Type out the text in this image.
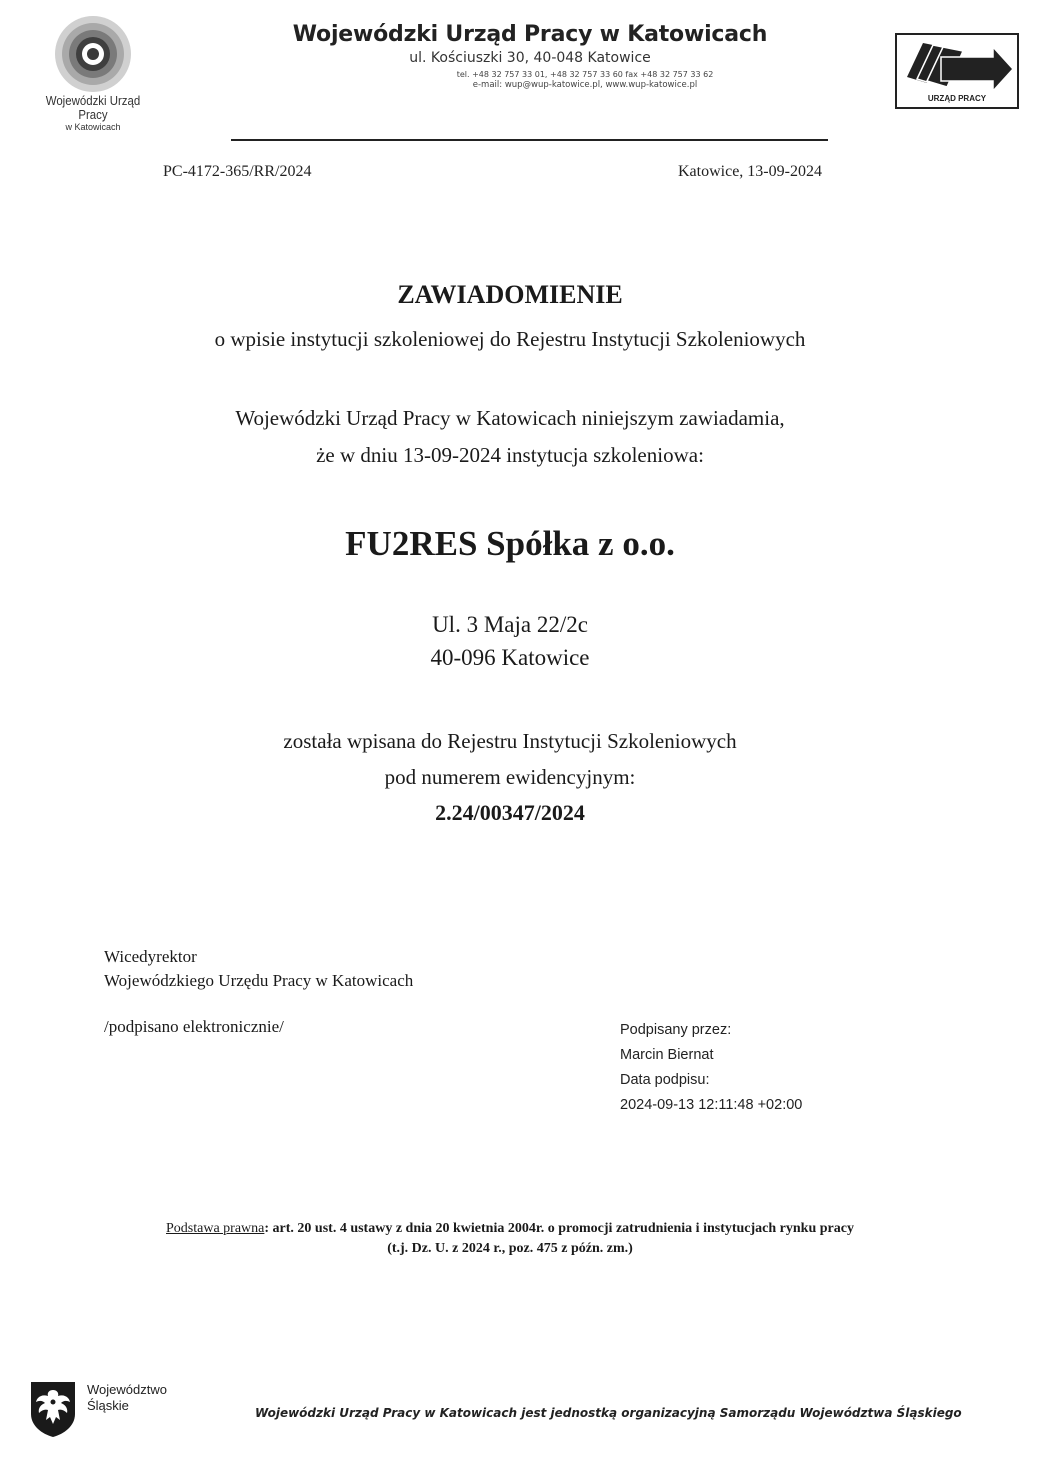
Wojewódzki Urząd Pracy
w Katowicach
Wojewódzki Urząd Pracy w Katowicach
ul. Kościuszki 30, 40-048 Katowice
tel. +48 32 757 33 01, +48 32 757 33 60 fax +48 32 757 33 62
e-mail: wup@wup-katowice.pl, www.wup-katowice.pl
URZĄD PRACY
PC-4172-365/RR/2024	Katowice, 13-09-2024
ZAWIADOMIENIE
o wpisie instytucji szkoleniowej do Rejestru Instytucji Szkoleniowych
Wojewódzki Urząd Pracy w Katowicach niniejszym zawiadamia,
że w dniu 13-09-2024 instytucja szkoleniowa:
FU2RES Spółka z o.o.
Ul. 3 Maja 22/2c
40-096 Katowice
została wpisana do Rejestru Instytucji Szkoleniowych
pod numerem ewidencyjnym:
2.24/00347/2024
Wicedyrektor
Wojewódzkiego Urzędu Pracy w Katowicach
/podpisano elektronicznie/	Podpisany przez:
Marcin Biernat
Data podpisu:
2024-09-13 12:11:48 +02:00
Podstawa prawna: art. 20 ust. 4 ustawy z dnia 20 kwietnia 2004r. o promocji zatrudnienia i instytucjach rynku pracy
(t.j. Dz. U. z 2024 r., poz. 475 z późn. zm.)
Województwo
Śląskie	Wojewódzki Urząd Pracy w Katowicach jest jednostką organizacyjną Samorządu Województwa Śląskiego
